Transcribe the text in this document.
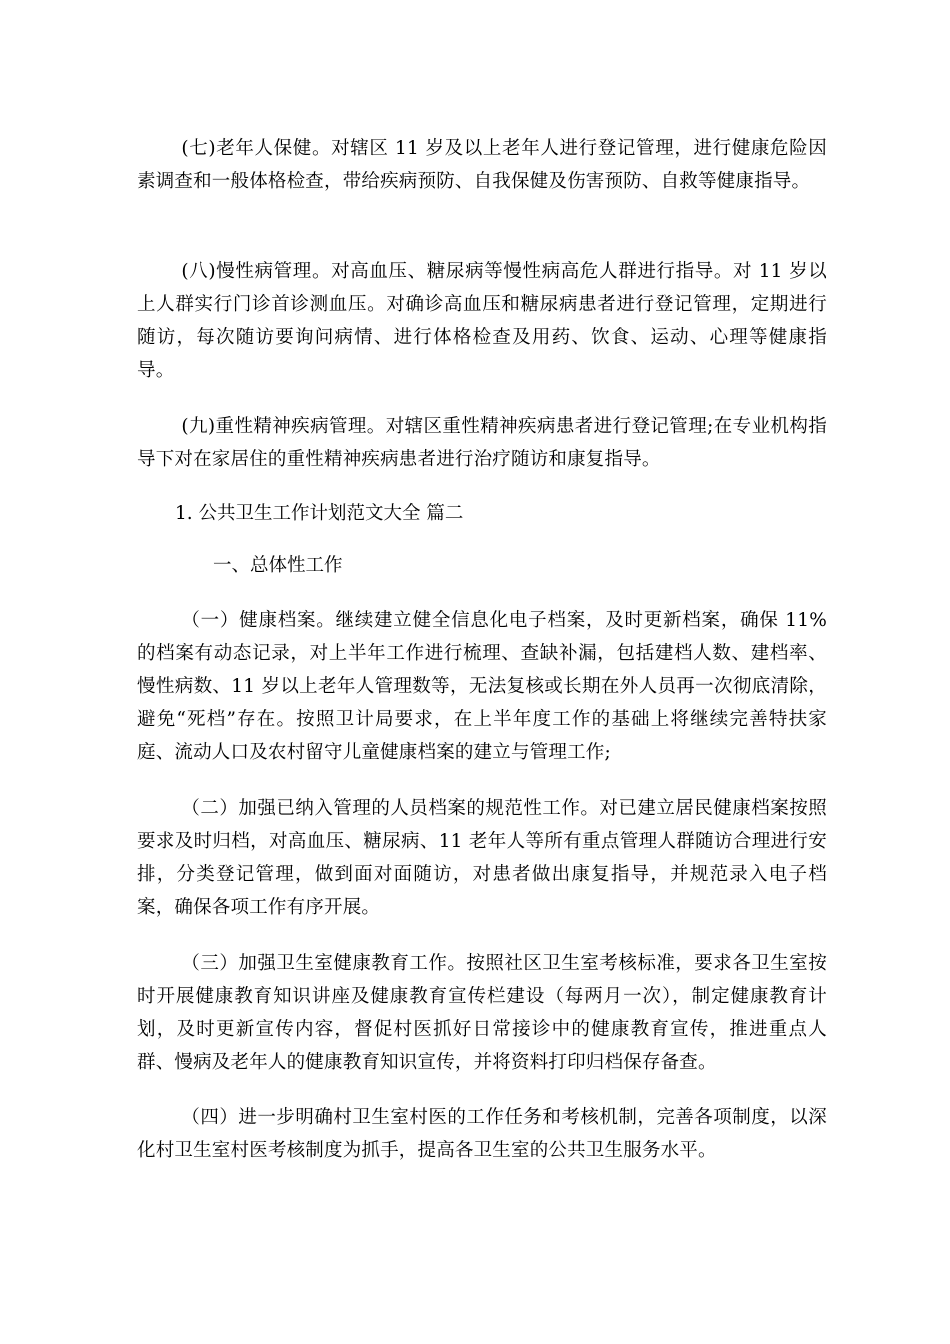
(七)老年人保健。对辖区 11 岁及以上老年人进行登记管理，进行健康危险因素调查和一般体格检查，带给疾病预防、自我保健及伤害预防、自救等健康指导。

(八)慢性病管理。对高血压、糖尿病等慢性病高危人群进行指导。对 11 岁以上人群实行门诊首诊测血压。对确诊高血压和糖尿病患者进行登记管理，定期进行随访，每次随访要询问病情、进行体格检查及用药、饮食、运动、心理等健康指导。

(九)重性精神疾病管理。对辖区重性精神疾病患者进行登记管理;在专业机构指导下对在家居住的重性精神疾病患者进行治疗随访和康复指导。

1. 公共卫生工作计划范文大全 篇二
一、总体性工作

（一）健康档案。继续建立健全信息化电子档案，及时更新档案，确保 11%的档案有动态记录，对上半年工作进行梳理、查缺补漏，包括建档人数、建档率、慢性病数、11 岁以上老年人管理数等，无法复核或长期在外人员再一次彻底清除，避免“死档”存在。按照卫计局要求，在上半年度工作的基础上将继续完善特扶家庭、流动人口及农村留守儿童健康档案的建立与管理工作;

（二）加强已纳入管理的人员档案的规范性工作。对已建立居民健康档案按照要求及时归档，对高血压、糖尿病、11 老年人等所有重点管理人群随访合理进行安排，分类登记管理，做到面对面随访，对患者做出康复指导，并规范录入电子档案，确保各项工作有序开展。

（三）加强卫生室健康教育工作。按照社区卫生室考核标准，要求各卫生室按时开展健康教育知识讲座及健康教育宣传栏建设（每两月一次），制定健康教育计划，及时更新宣传内容，督促村医抓好日常接诊中的健康教育宣传，推进重点人群、慢病及老年人的健康教育知识宣传，并将资料打印归档保存备查。

（四）进一步明确村卫生室村医的工作任务和考核机制，完善各项制度，以深化村卫生室村医考核制度为抓手，提高各卫生室的公共卫生服务水平。
